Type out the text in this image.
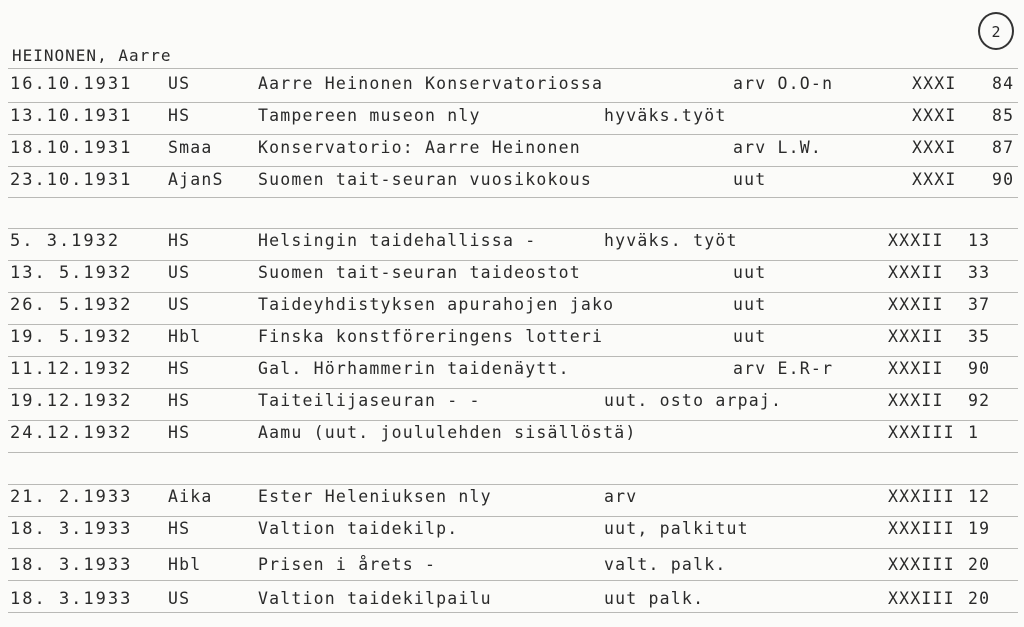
2
HEINONEN, Aarre
16.10.1931 US	Aarre Heinonen Konservatoriossa	arv O.O-n	XXXI 84
13.10.1931 HS	Tampereen museon nly	hyväks.työt	XXXI 85
18.10.1931 Smaa	Konservatorio: Aarre Heinonen	arv L.W.	XXXI 87
23.10.1931 AjanS Suomen tait-seuran vuosikokous	uut	XXXI 90
5. 3.1932	HS	Helsingin taidehallissa -	hyväks. työt	XXXII 13
13. 5.1932 US	Suomen tait-seuran taideostot	uut	XXXII 33
26. 5.1932 US	Taideyhdistyksen apurahojen jako	uut	XXXII 37
19. 5.1932 Hbl	Finska konstföreringens lotteri	uut	XXXII 35
11.12.1932 HS	Gal. Hörhammerin taidenäytt.	arv E.R-r	XXXII 90
19.12.1932 HS	Taiteilijaseuran - -	uut. osto arpaj.	XXXII 92
24.12.1932 HS	Aamu (uut. joululehden sisällöstä)	XXXIII 1
21. 2.1933 Aika	Ester Heleniuksen nly	arv	XXXIII 12
18. 3.1933 HS	Valtion taidekilp.	uut, palkitut	XXXIII 19
18. 3.1933 Hbl	Prisen i årets -	valt. palk.	XXXIII 20
18. 3.1933 US	Valtion taidekilpailu	uut palk.	XXXIII 20
